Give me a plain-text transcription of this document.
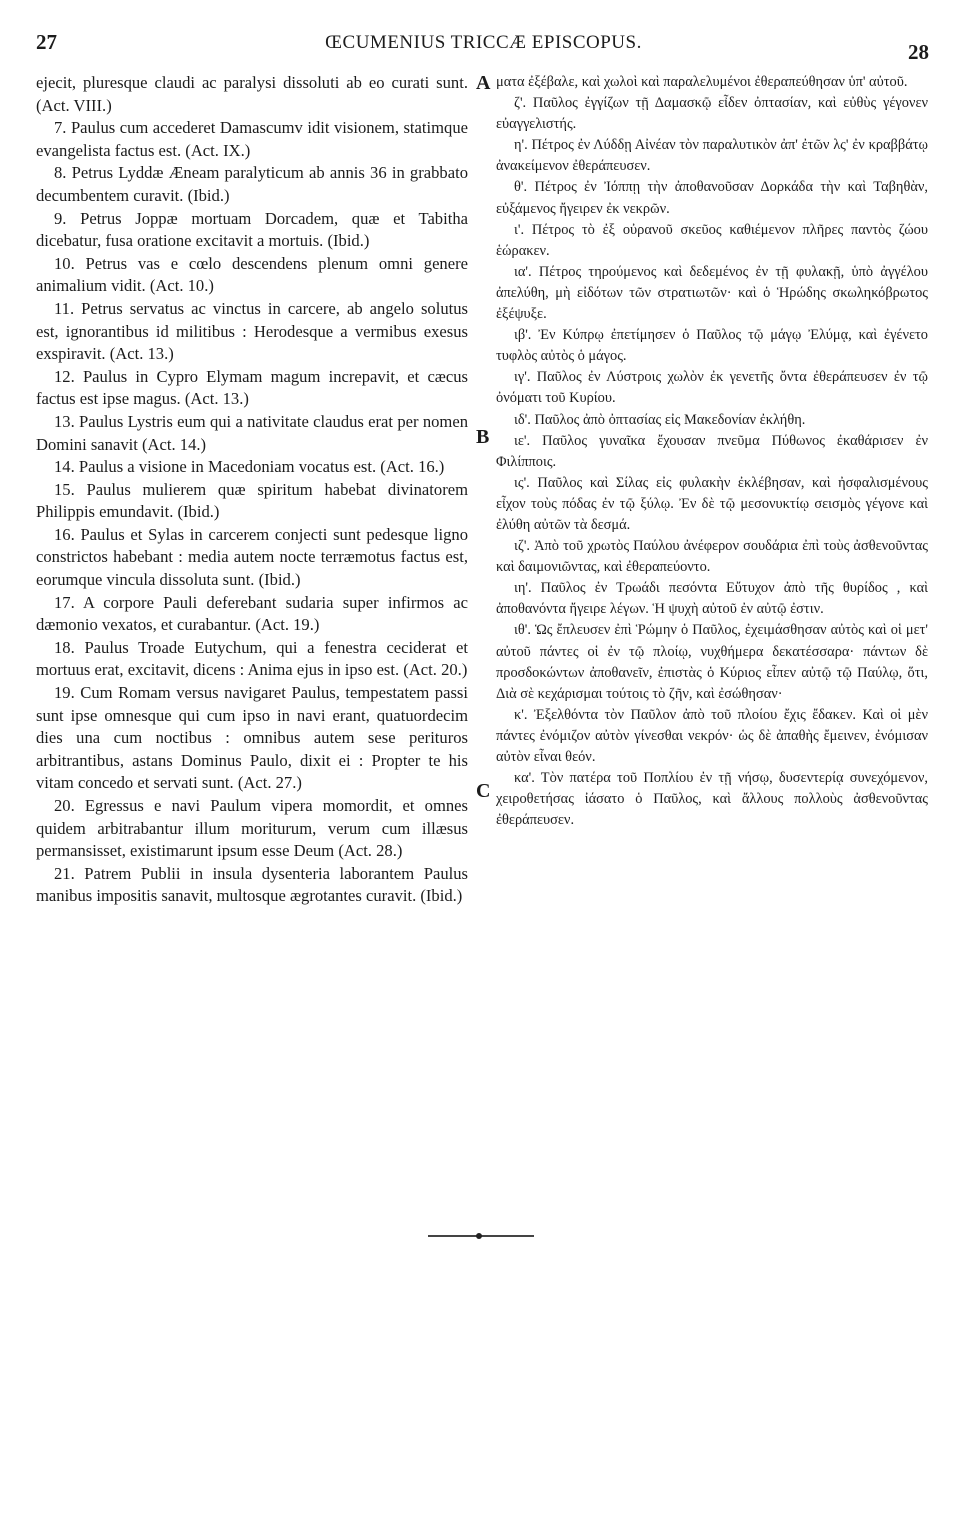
27	ŒCUMENIUS TRICCÆ EPISCOPUS.	28

ejecit, pluresque claudi ac paralysi dissoluti ab eo curati sunt. (Act. VIII.)

7. Paulus cum accederet Damascumv idit visionem, statimque evangelista factus est. (Act. IX.)

8. Petrus Lyddæ Æneam paralyticum ab annis 36 in grabbato decumbentem curavit. (Ibid.)

9. Petrus Joppæ mortuam Dorcadem, quæ et Tabitha dicebatur, fusa oratione excitavit a mortuis. (Ibid.)

10. Petrus vas e cœlo descendens plenum omni genere animalium vidit. (Act. 10.)

11. Petrus servatus ac vinctus in carcere, ab angelo solutus est, ignorantibus id militibus : Herodesque a vermibus exesus exspiravit. (Act. 13.)

12. Paulus in Cypro Elymam magum increpavit, et cæcus factus est ipse magus. (Act. 13.)

13. Paulus Lystris eum qui a nativitate claudus erat per nomen Domini sanavit (Act. 14.)

14. Paulus a visione in Macedoniam vocatus est. (Act. 16.)

15. Paulus mulierem quæ spiritum habebat divinatorem Philippis emundavit. (Ibid.)

16. Paulus et Sylas in carcerem conjecti sunt pedesque ligno constrictos habebant : media autem nocte terræmotus factus est, eorumque vincula dissoluta sunt. (Ibid.)

17. A corpore Pauli deferebant sudaria super infirmos ac dæmonio vexatos, et curabantur. (Act. 19.)

18. Paulus Troade Eutychum, qui a fenestra ceciderat et mortuus erat, excitavit, dicens : Anima ejus in ipso est. (Act. 20.)

19. Cum Romam versus navigaret Paulus, tempestatem passi sunt ipse omnesque qui cum ipso in navi erant, quatuordecim dies una cum noctibus : omnibus autem sese perituros arbitrantibus, astans Dominus Paulo, dixit ei : Propter te his vitam concedo et servati sunt. (Act. 27.)

20. Egressus e navi Paulum vipera momordit, et omnes quidem arbitrabantur illum moriturum, verum cum illæsus permansisset, existimarunt ipsum esse Deum (Act. 28.)

21. Patrem Publii in insula dysenteria laborantem Paulus manibus impositis sanavit, multosque ægrotantes curavit. (Ibid.)

A
B
C

ματα ἐξέβαλε, καὶ χωλοὶ καὶ παραλελυμένοι ἐθεραπεύθησαν ὑπ' αὐτοῦ.

ζ'. Παῦλος ἐγγίζων τῇ Δαμασκῷ εἶδεν ὀπτασίαν, καὶ εὐθὺς γέγονεν εὐαγγελιστής.

η'. Πέτρος ἐν Λύδδῃ Αἰνέαν τὸν παραλυτικὸν ἀπ' ἐτῶν λς' ἐν κραββάτῳ ἀνακείμενον ἐθεράπευσεν.

θ'. Πέτρος ἐν Ἰόππῃ τὴν ἀποθανοῦσαν Δορκάδα τὴν καὶ Ταβηθὰν, εὐξάμενος ἤγειρεν ἐκ νεκρῶν.

ι'. Πέτρος τὸ ἐξ οὐρανοῦ σκεῦος καθιέμενον πλῆρες παντὸς ζώου ἑώρακεν.

ια'. Πέτρος τηρούμενος καὶ δεδεμένος ἐν τῇ φυλακῇ, ὑπὸ ἀγγέλου ἀπελύθη, μὴ εἰδότων τῶν στρατιωτῶν· καὶ ὁ Ἡρώδης σκωληκόβρωτος ἐξέψυξε.

ιβ'. Ἐν Κύπρῳ ἐπετίμησεν ὁ Παῦλος τῷ μάγῳ Ἐλύμᾳ, καὶ ἐγένετο τυφλὸς αὐτὸς ὁ μάγος.

ιγ'. Παῦλος ἐν Λύστροις χωλὸν ἐκ γενετῆς ὄντα ἐθεράπευσεν ἐν τῷ ὀνόματι τοῦ Κυρίου.

ιδ'. Παῦλος ἀπὸ ὀπτασίας εἰς Μακεδονίαν ἐκλήθη.

ιε'. Παῦλος γυναῖκα ἔχουσαν πνεῦμα Πύθωνος ἐκαθάρισεν ἐν Φιλίπποις.

ις'. Παῦλος καὶ Σίλας εἰς φυλακὴν ἐκλέβησαν, καὶ ἠσφαλισμένους εἶχον τοὺς πόδας ἐν τῷ ξύλῳ. Ἐν δὲ τῷ μεσονυκτίῳ σεισμὸς γέγονε καὶ ἐλύθη αὐτῶν τὰ δεσμά.

ιζ'. Ἀπὸ τοῦ χρωτὸς Παύλου ἀνέφερον σουδάρια ἐπὶ τοὺς ἀσθενοῦντας καὶ δαιμονιῶντας, καὶ ἐθεραπεύοντο.

ιη'. Παῦλος ἐν Τρωάδι πεσόντα Εὔτυχον ἀπὸ τῆς θυρίδος , καὶ ἀποθανόντα ἤγειρε λέγων. Ἡ ψυχὴ αὐτοῦ ἐν αὐτῷ ἐστιν.

ιθ'. Ὡς ἔπλευσεν ἐπὶ Ῥώμην ὁ Παῦλος, ἐχειμάσθησαν αὐτὸς καὶ οἱ μετ' αὐτοῦ πάντες οἱ ἐν τῷ πλοίῳ, νυχθήμερα δεκατέσσαρα· πάντων δὲ προσδοκώντων ἀποθανεῖν, ἐπιστὰς ὁ Κύριος εἶπεν αὐτῷ τῷ Παύλῳ, ὅτι, Διὰ σὲ κεχάρισμαι τούτοις τὸ ζῆν, καὶ ἐσώθησαν·

κ'. Ἐξελθόντα τὸν Παῦλον ἀπὸ τοῦ πλοίου ἔχις ἔδακεν. Καὶ οἱ μὲν πάντες ἐνόμιζον αὐτὸν γίνεσθαι νεκρόν· ὡς δὲ ἀπαθὴς ἔμεινεν, ἐνόμισαν αὐτὸν εἶναι θεόν.

κα'. Τὸν πατέρα τοῦ Ποπλίου ἐν τῇ νήσῳ, δυσεντερίᾳ συνεχόμενον, χειροθετήσας ἰάσατο ὁ Παῦλος, καὶ ἄλλους πολλοὺς ἀσθενοῦντας ἐθεράπευσεν.
